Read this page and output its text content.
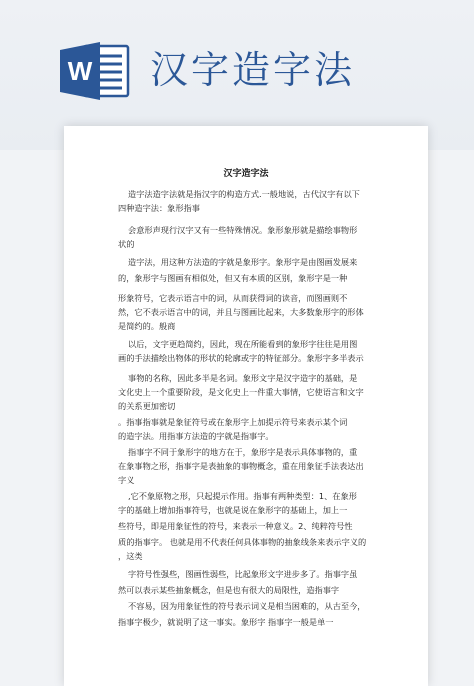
W 汉字造字法
汉字造字法
造字法造字法就是指汉字的构造方式.一般地说，古代汉字有以下
四种造字法：象形指事
会意形声现行汉字又有一些特殊情况。象形象形就是描绘事物形
状的
造字法，用这种方法造的字就是象形字。象形字是由图画发展来
的，象形字与图画有相似处，但又有本质的区别，象形字是一种
形象符号，它表示语言中的词，从而获得词的读音，而图画则不
然，它不表示语言中的词，并且与图画比起来，大多数象形字的形体
是简约的。般商
以后，文字更趋简约，因此，现在所能看到的象形字往往是用图
画的手法描绘出物体的形状的轮廓或字的特征部分。象形字多半表示
事物的名称，因此多半是名词。象形文字是汉字造字的基础，是
文化史上一个重要阶段，是文化史上一件重大事情，它使语言和文字
的关系更加密切
。指事指事就是象征符号或在象形字上加提示符号来表示某个词
的造字法。用指事方法造的字就是指事字。
指事字不同于象形字的地方在于，象形字是表示具体事物的，重
在象事物之形，指事字是表抽象的事物概念，重在用象征手法表达出
字义
,它不象原物之形，只起提示作用。指事有两种类型：1、在象形
字的基础上增加指事符号，也就是说在象形字的基础上，加上一
些符号，即是用象征性的符号，来表示一种意义。2、纯粹符号性
质的指事字。 也就是用不代表任何具体事物的抽象线条来表示字义的
，这类
字符号性强些，图画性弱些，比起象形文字进步多了。指事字虽
然可以表示某些抽象概念，但是也有很大的局限性，造指事字
不容易，因为用象征性的符号表示词义是相当困难的，从古至今，
指事字极少，就说明了这一事实。象形字 指事字一般是单一
